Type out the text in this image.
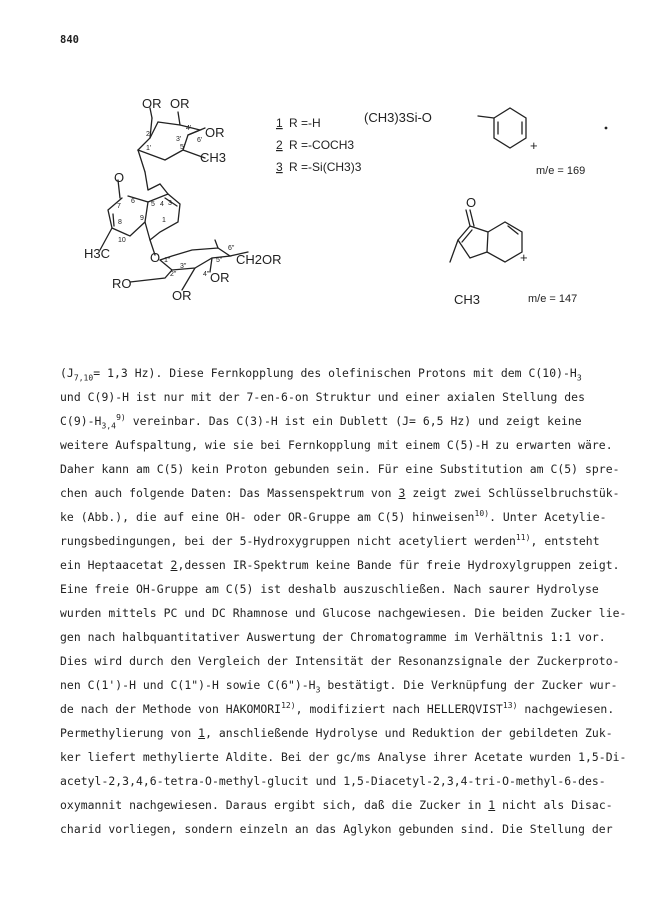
840
OR OR
OR
CH3
O
H3C	O	CH2OR
RO	OR
OR
O
+
CH3
+
(CH3)3Si-O
2'
3'
4'
5'
6'
1'
7
6 5 4 3
8
9	1
10
1"
2"
3"
4"
5"
6"
1 R =-H
2 R =-COCH3
3 R =-Si(CH3)3	m/e = 169
m/e = 147
($J_{7,10}= 1,3$ Hz). Diese Fernkopplung des olefinischen Protons mit dem $C(10)-H_3$
und C(9)-H ist nur mit der 7-en-6-on Struktur und einer axialen Stellung des
$C(9)-H_{3,4}^{9)}$ vereinbar. Das C(3)-H ist ein Dublett (J= 6,5 Hz) und zeigt keine
weitere Aufspaltung, wie sie bei Fernkopplung mit einem C(5)-H zu erwarten wäre.
Daher kann am C(5) kein Proton gebunden sein. Für eine Substitution am C(5) spre-
chen auch folgende Daten: Das Massenspektrum von 3 zeigt zwei Schlüsselbruchstük-
ke (Abb.), die auf eine OH- oder OR-Gruppe am C(5) hinweisen$^{10)}$. Unter Acetylie-
rungsbedingungen, bei der 5-Hydroxygruppen nicht acetyliert werden$^{11)}$, entsteht
ein Heptaacetat 2,dessen IR-Spektrum keine Bande für freie Hydroxylgruppen zeigt.
Eine freie OH-Gruppe am C(5) ist deshalb auszuschließen. Nach saurer Hydrolyse
wurden mittels PC und DC Rhamnose und Glucose nachgewiesen. Die beiden Zucker lie-
gen nach halbquantitativer Auswertung der Chromatogramme im Verhältnis 1:1 vor.
Dies wird durch den Vergleich der Intensität der Resonanzsignale der Zuckerproto-
nen C(1')-H und C(1")-H sowie $C(6")-H_3$ bestätigt. Die Verknüpfung der Zucker wur-
de nach der Methode von HAKOMORI$^{12)}$, modifiziert nach HELLERQVIST$^{13)}$ nachgewiesen.
Permethylierung von 1, anschließende Hydrolyse und Reduktion der gebildeten Zuk-
ker liefert methylierte Aldite. Bei der gc/ms Analyse ihrer Acetate wurden 1,5-Di-
acetyl-2,3,4,6-tetra-O-methyl-glucit und 1,5-Diacetyl-2,3,4-tri-O-methyl-6-des-
oxymannit nachgewiesen. Daraus ergibt sich, daß die Zucker in 1 nicht als Disac-
charid vorliegen, sondern einzeln an das Aglykon gebunden sind. Die Stellung der
